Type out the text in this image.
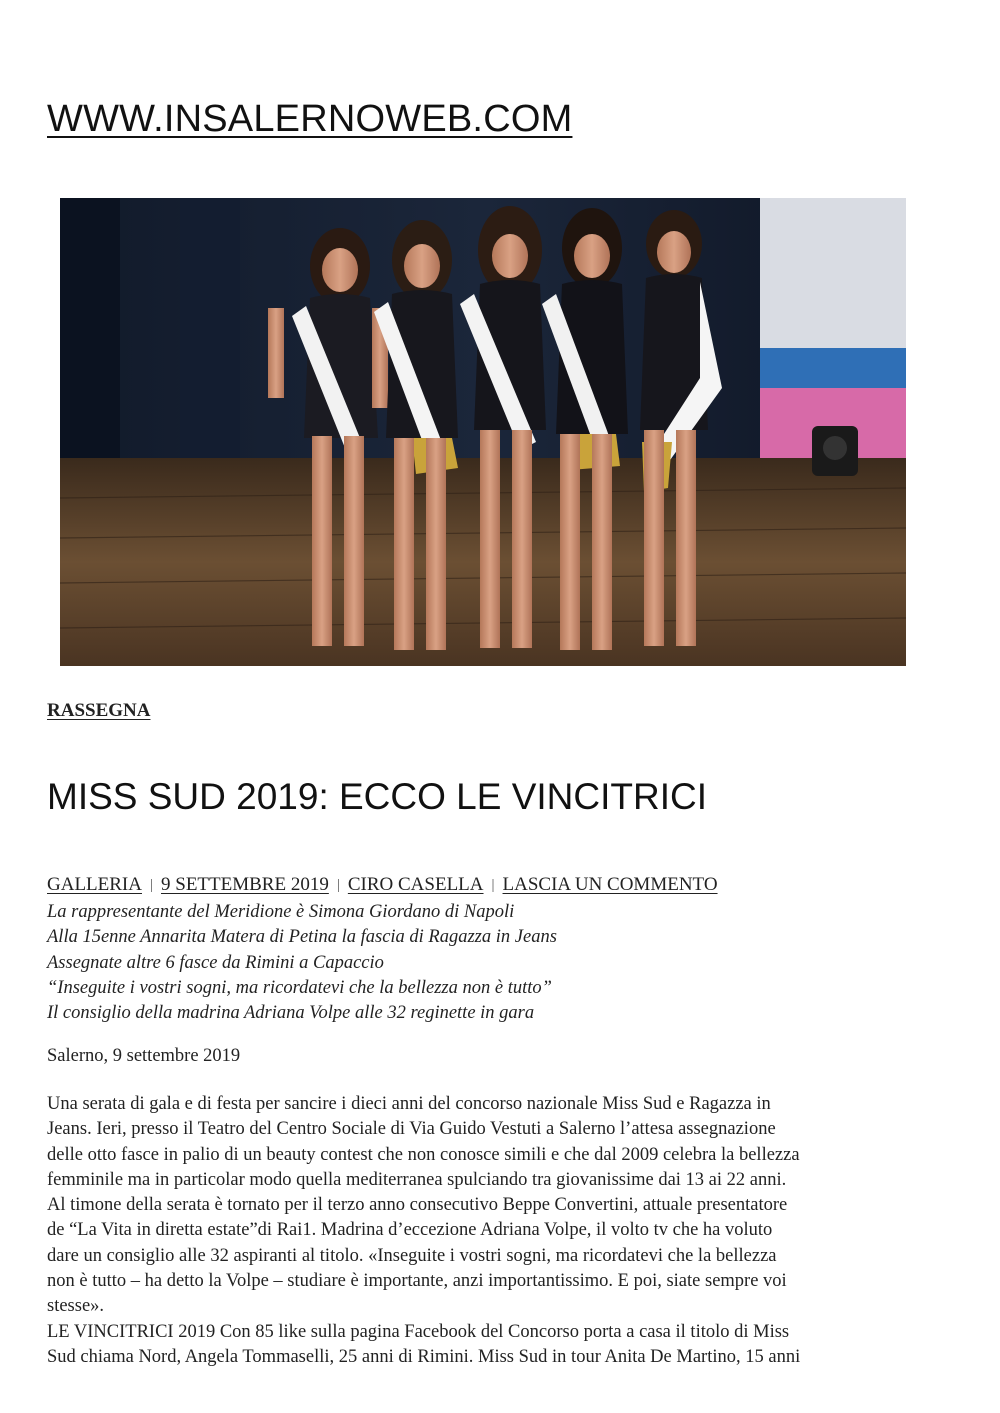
WWW.INSALERNOWEB.COM
RASSEGNA
MISS SUD 2019: ECCO LE VINCITRICI
GALLERIA | 9 SETTEMBRE 2019 | CIRO CASELLA | LASCIA UN COMMENTO
La rappresentante del Meridione è Simona Giordano di Napoli
Alla 15enne Annarita Matera di Petina la fascia di Ragazza in Jeans
Assegnate altre 6 fasce da Rimini a Capaccio
“Inseguite i vostri sogni, ma ricordatevi che la bellezza non è tutto”
Il consiglio della madrina Adriana Volpe alle 32 reginette in gara
Salerno, 9 settembre 2019
Una serata di gala e di festa per sancire i dieci anni del concorso nazionale Miss Sud e Ragazza in
Jeans. Ieri, presso il Teatro del Centro Sociale di Via Guido Vestuti a Salerno l’attesa assegnazione
delle otto fasce in palio di un beauty contest che non conosce simili e che dal 2009 celebra la bellezza
femminile ma in particolar modo quella mediterranea spulciando tra giovanissime dai 13 ai 22 anni.
Al timone della serata è tornato per il terzo anno consecutivo Beppe Convertini, attuale presentatore
de “La Vita in diretta estate”di Rai1. Madrina d’eccezione Adriana Volpe, il volto tv che ha voluto
dare un consiglio alle 32 aspiranti al titolo. «Inseguite i vostri sogni, ma ricordatevi che la bellezza
non è tutto – ha detto la Volpe – studiare è importante, anzi importantissimo. E poi, siate sempre voi
stesse».
LE VINCITRICI 2019 Con 85 like sulla pagina Facebook del Concorso porta a casa il titolo di Miss
Sud chiama Nord, Angela Tommaselli, 25 anni di Rimini. Miss Sud in tour Anita De Martino, 15 anni
